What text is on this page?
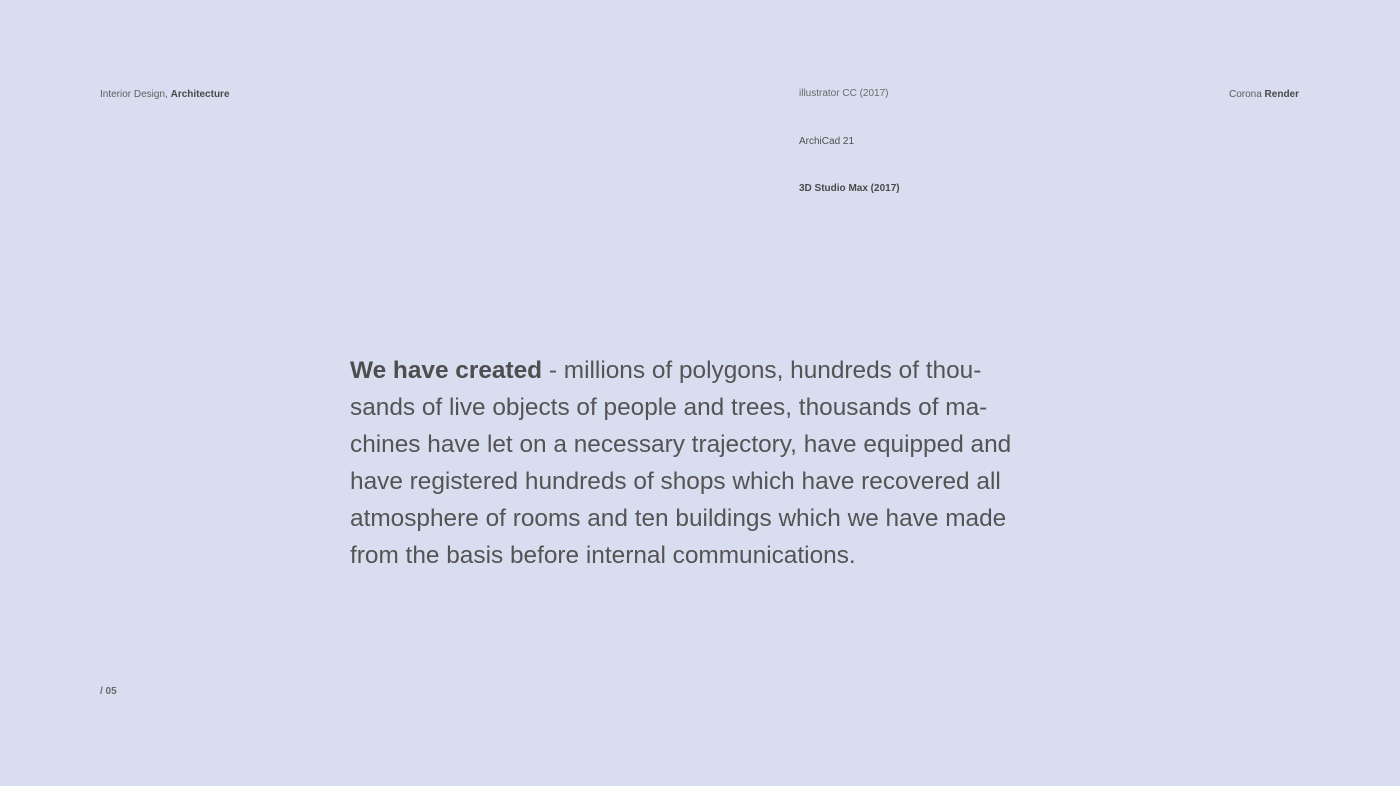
Interior Design, Architecture	illustrator CC (2017)
ArchiCad 21
3D Studio Max (2017)
Corona Render

We have created - millions of polygons, hundreds of thou-
sands of live objects of people and trees, thousands of ma-
chines have let on a necessary trajectory, have equipped and
have registered hundreds of shops which have recovered all
atmosphere of rooms and ten buildings which we have made
from the basis before internal communications.

/ 05
